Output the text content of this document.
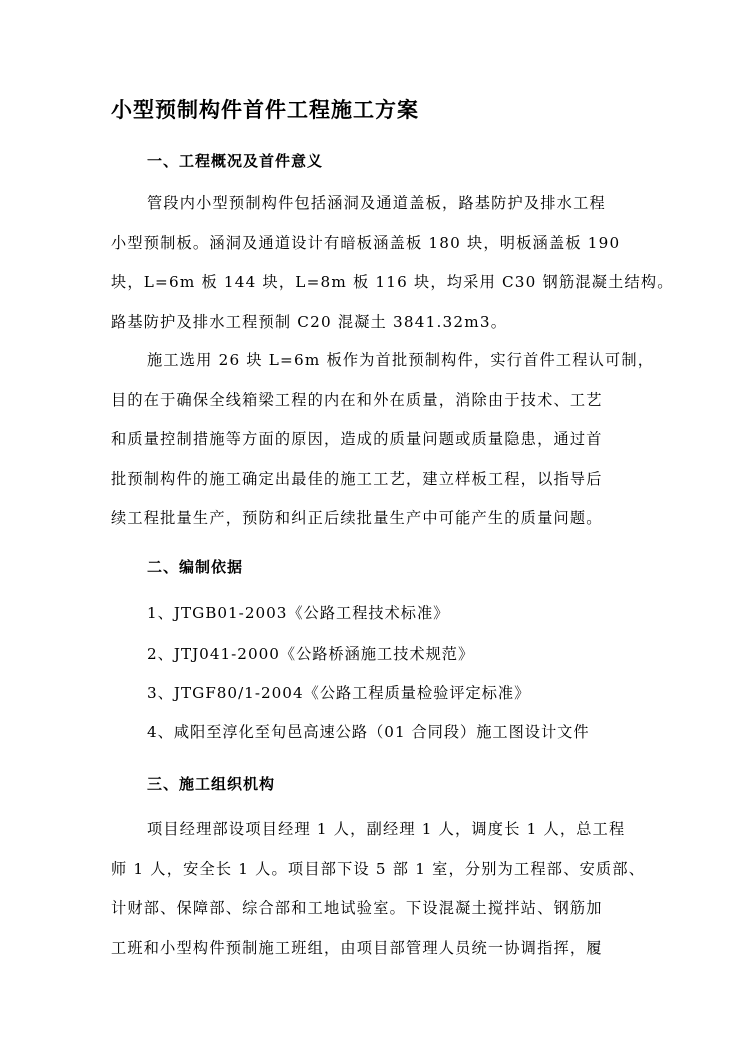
小型预制构件首件工程施工方案
一、工程概况及首件意义
管段内小型预制构件包括涵洞及通道盖板，路基防护及排水工程
小型预制板。涵洞及通道设计有暗板涵盖板 180 块，明板涵盖板 190
块，L=6m 板 144 块，L=8m 板 116 块，均采用 C30 钢筋混凝土结构。
路基防护及排水工程预制 C20 混凝土 3841.32m3。
施工选用 26 块 L=6m 板作为首批预制构件，实行首件工程认可制，
目的在于确保全线箱梁工程的内在和外在质量，消除由于技术、工艺
和质量控制措施等方面的原因，造成的质量问题或质量隐患，通过首
批预制构件的施工确定出最佳的施工工艺，建立样板工程，以指导后
续工程批量生产，预防和纠正后续批量生产中可能产生的质量问题。
二、编制依据
1、JTGB01-2003《公路工程技术标准》
2、JTJ041-2000《公路桥涵施工技术规范》
3、JTGF80/1-2004《公路工程质量检验评定标准》
4、咸阳至淳化至旬邑高速公路（01 合同段）施工图设计文件
三、施工组织机构
项目经理部设项目经理 1 人，副经理 1 人，调度长 1 人，总工程
师 1 人，安全长 1 人。项目部下设 5 部 1 室，分别为工程部、安质部、
计财部、保障部、综合部和工地试验室。下设混凝土搅拌站、钢筋加
工班和小型构件预制施工班组，由项目部管理人员统一协调指挥，履
